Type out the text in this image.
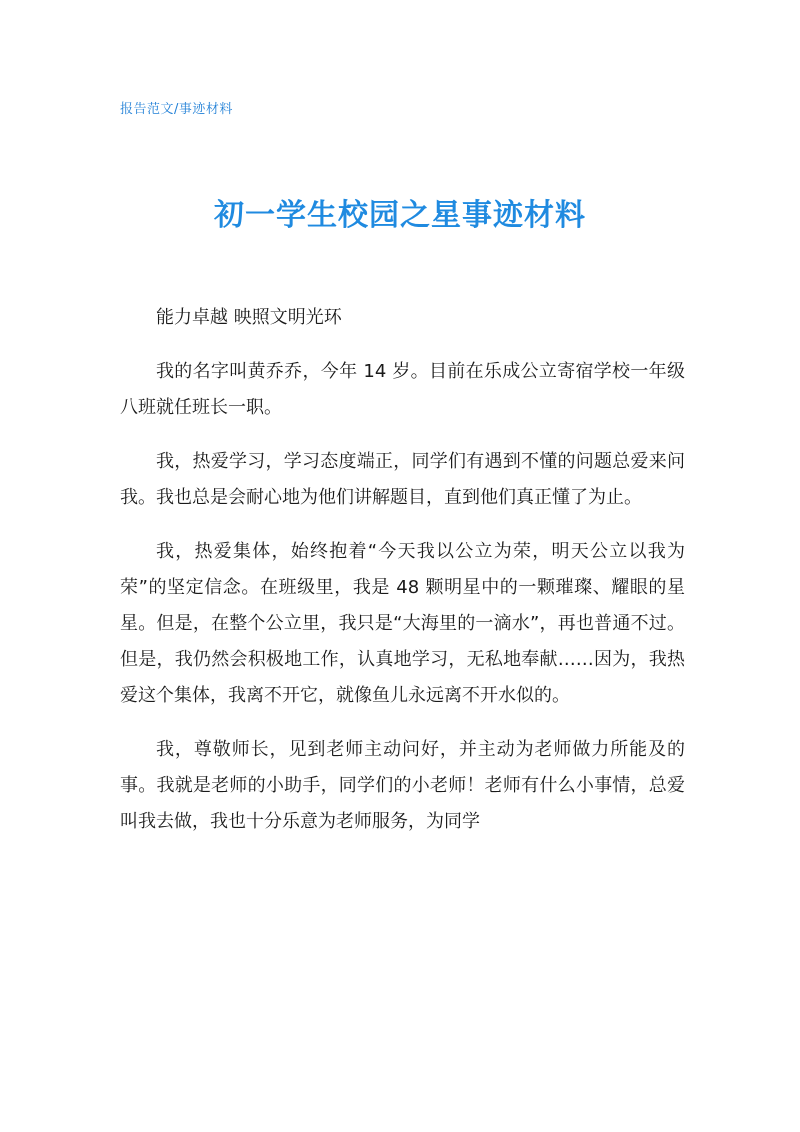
报告范文/事迹材料
初一学生校园之星事迹材料

能力卓越 映照文明光环

我的名字叫黄乔乔，今年 14 岁。目前在乐成公立寄宿学校一年级八班就任班长一职。

我，热爱学习，学习态度端正，同学们有遇到不懂的问题总爱来问我。我也总是会耐心地为他们讲解题目，直到他们真正懂了为止。

我，热爱集体，始终抱着“今天我以公立为荣，明天公立以我为荣”的坚定信念。在班级里，我是 48 颗明星中的一颗璀璨、耀眼的星星。但是，在整个公立里，我只是“大海里的一滴水”，再也普通不过。但是，我仍然会积极地工作，认真地学习，无私地奉献……因为，我热爱这个集体，我离不开它，就像鱼儿永远离不开水似的。

我，尊敬师长，见到老师主动问好，并主动为老师做力所能及的事。我就是老师的小助手，同学们的小老师！老师有什么小事情，总爱叫我去做，我也十分乐意为老师服务，为同学
